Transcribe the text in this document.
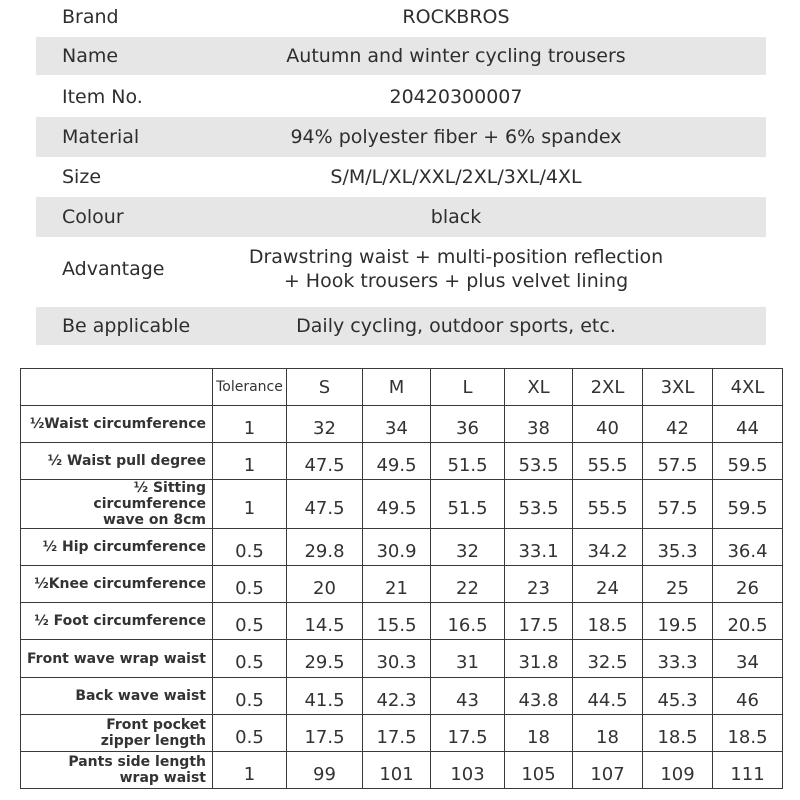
Brand	ROCKBROS
Name	Autumn and winter cycling trousers
Item No.	20420300007
Material	94% polyester fiber + 6% spandex
Size	S/M/L/XL/XXL/2XL/3XL/4XL
Colour	black
Advantage
Drawstring waist + multi-position reflection
+ Hook trousers + plus velvet lining
Be applicable	Daily cycling, outdoor sports, etc.
	Tolerance	S	M	L	XL	2XL	3XL	4XL

½Waist circumference	1	32	34	36	38	40	42	44

½ Waist pull degree	1	47.5	49.5	51.5	53.5	55.5	57.5	59.5

½ Sitting circumference
wave on 8cm	1	47.5	49.5	51.5	53.5	55.5	57.5	59.5

½ Hip circumference	0.5	29.8	30.9	32	33.1	34.2	35.3	36.4

½Knee circumference	0.5	20	21	22	23	24	25	26

½ Foot circumference	0.5	14.5	15.5	16.5	17.5	18.5	19.5	20.5

Front wave wrap waist	0.5	29.5	30.3	31	31.8	32.5	33.3	34

Back wave waist	0.5	41.5	42.3	43	43.8	44.5	45.3	46

Front pocket
zipper length	0.5	17.5	17.5	17.5	18	18	18.5	18.5

Pants side length
wrap waist	1	99	101	103	105	107	109	111
